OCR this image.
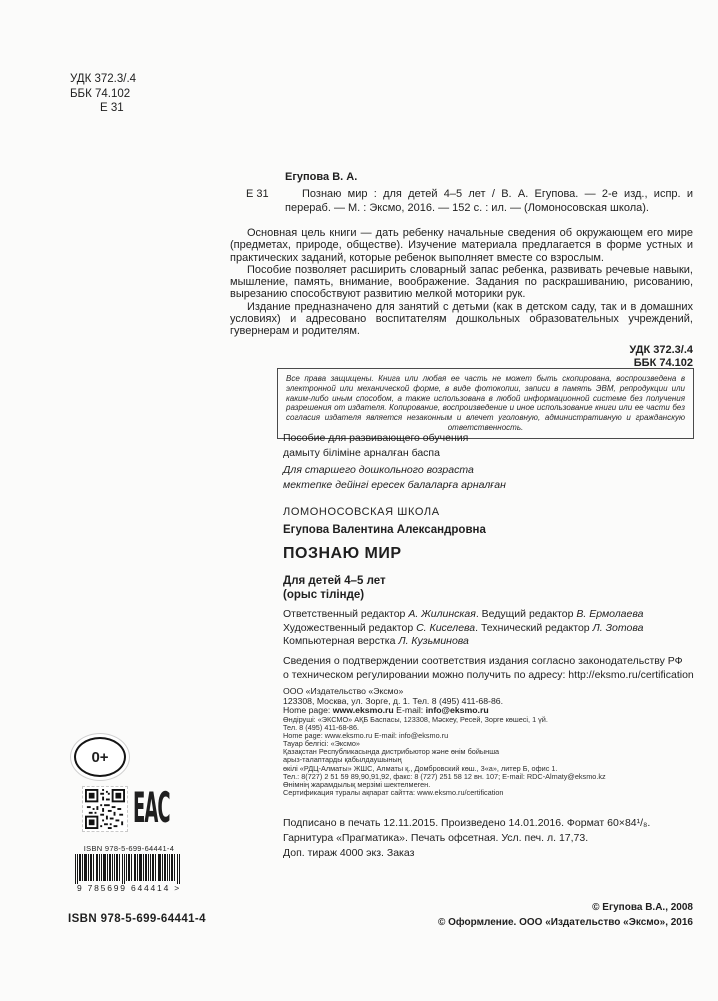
УДК 372.3/.4

ББК 74.102

Е 31

Егупова В. А.

Е 31	Познаю мир : для детей 4–5 лет / В. А. Егупова. — 2-е изд., испр. и перераб. — М. : Эксмо, 2016. — 152 с. : ил. — (Ломоносовская школа).

Основная цель книги — дать ребенку начальные сведения об окружающем его мире (предметах, природе, обществе). Изучение материала предлагается в форме устных и практических заданий, которые ребенок выполняет вместе со взрослым.

Пособие позволяет расширить словарный запас ребенка, развивать речевые навыки, мышление, память, внимание, воображение. Задания по раскрашиванию, рисованию, вырезанию способствуют развитию мелкой моторики рук.

Издание предназначено для занятий с детьми (как в детском саду, так и в домашних условиях) и адресовано воспитателям дошкольных образовательных учреждений, гувернерам и родителям.

УДК 372.3/.4

ББК 74.102

Все права защищены. Книга или любая ее часть не может быть скопирована, воспроизведена в электронной или механической форме, в виде фотокопии, записи в память ЭВМ, репродукции или каким-либо иным способом, а также использована в любой информационной системе без получения разрешения от издателя. Копирование, воспроизведение и иное использование книги или ее части без согласия издателя является незаконным и влечет уголовную, административную и гражданскую ответственность.

Пособие для развивающего обучения

дамыту біліміне арналған баспа

Для старшего дошкольного возраста

мектепке дейінгі ересек балаларға арналған

ЛОМОНОСОВСКАЯ ШКОЛА

Егупова Валентина Александровна

ПОЗНАЮ МИР

Для детей 4–5 лет

(орыс тілінде)

Ответственный редактор А. Жилинская. Ведущий редактор В. Ермолаева

Художественный редактор С. Киселева. Технический редактор Л. Зотова

Компьютерная верстка Л. Кузьминова

Сведения о подтверждении соответствия издания согласно законодательству РФ

о техническом регулировании можно получить по адресу: http://eksmo.ru/certification

ООО «Издательство «Эксмо»

123308, Москва, ул. Зорге, д. 1. Тел. 8 (495) 411-68-86.

Home page: www.eksmo.ru E-mail: info@eksmo.ru

Өндіруші: «ЭКСМО» АҚБ Баспасы, 123308, Мәскеу, Ресей, Зорге көшесі, 1 үй.

Тел. 8 (495) 411-68-86.

Home page: www.eksmo.ru E-mail: info@eksmo.ru

Тауар белгісі: «Эксмо»

Қазақстан Республикасында дистрибьютор және өнім бойынша

арыз-талаптарды қабылдаушының

өкілі «РДЦ-Алматы» ЖШС, Алматы қ., Домбровский көш., 3«а», литер Б, офис 1.

Тел.: 8(727) 2 51 59 89,90,91,92, факс: 8 (727) 251 58 12 вн. 107; E-mail: RDC-Almaty@eksmo.kz

Өнімнің жарамдылық мерзімі шектелмеген.

Сертификация туралы ақпарат сайтта: www.eksmo.ru/certification

Подписано в печать 12.11.2015. Произведено 14.01.2016. Формат 60×84¹/₈.

Гарнитура «Прагматика». Печать офсетная. Усл. печ. л. 17,73.

Доп. тираж 4000 экз. Заказ

0+
ЕАС

ISBN 978-5-699-64441-4

9 785699 644414 >

ISBN 978-5-699-64441-4

© Егупова В.А., 2008

© Оформление. ООО «Издательство «Эксмо», 2016
